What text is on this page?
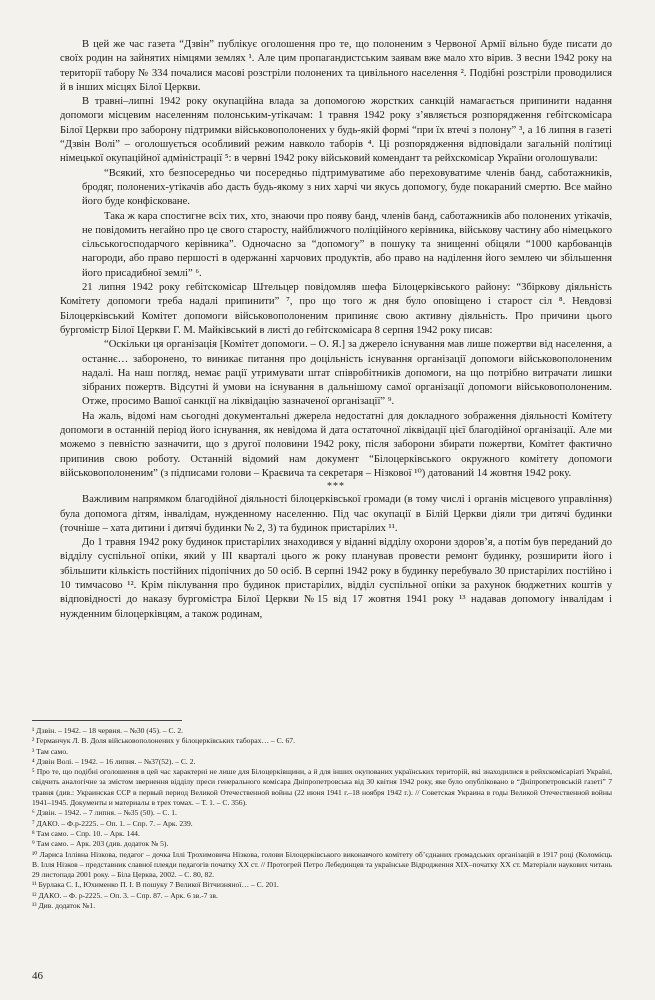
В цей же час газета “Дзвін” публікує оголошення про те, що полоненим з Червоної Армії вільно буде писати до своїх родин на зайнятих німцями землях ¹. Але цим пропагандистським заявам вже мало хто вірив. З весни 1942 року на території табору № 334 почалися масові розстріли полонених та цивільного населення ². Подібні розстріли проводилися й в інших місцях Білої Церкви.

В травні–липні 1942 року окупаційна влада за допомогою жорстких санкцій намагається припинити надання допомоги місцевим населенням полонським-утікачам: 1 травня 1942 року з’являється розпорядження гебітскомісара Білої Церкви про заборону підтримки військовополонених у будь-якій формі “при їх втечі з полону” ³, а 16 липня в газеті “Дзвін Волі” – оголошується особливий режим навколо таборів ⁴. Ці розпорядження відповідали загальній політиці німецької окупаційної адміністрації ⁵: в червні 1942 року військовий комендант та рейхскомісар України оголошували:

“Всякий, хто безпосередньо чи посередньо підтримуватиме або переховуватиме членів банд, саботажників, бродяг, полонених-утікачів або дасть будь-якому з них харчі чи якусь допомогу, буде покараний смертю. Все майно його буде конфісковане.

Така ж кара спостигне всіх тих, хто, знаючи про появу банд, членів банд, саботажників або полонених утікачів, не повідомить негайно про це свого старосту, найближчого поліційного керівника, військову частину або німецького сільськогосподарчого керівника”. Одночасно за “допомогу” в пошуку та знищенні обіцяли “1000 карбованців нагороди, або право першості в одержанні харчових продуктів, або право на наділення його землею чи збільшення його присадибної землі” ⁶.

21 липня 1942 року гебітскомісар Штельцер повідомляв шефа Білоцерківського району: “Збіркову діяльність Комітету допомоги треба надалі припинити” ⁷, про що того ж дня було оповіщено і старост сіл ⁸. Невдовзі Білоцерківський Комітет допомоги військовополоненим припиняє свою активну діяльність. Про причини цього бургомістр Білої Церкви Г. М. Майківський в листі до гебітскомісара 8 серпня 1942 року писав:

“Оскільки ця організація [Комітет допомоги. – О. Я.] за джерело існування мав лише пожертви від населення, а останнє… заборонено, то виникає питання про доцільність існування організації допомоги військовополоненим надалі. На наш погляд, немає рації утримувати штат співробітників допомоги, на що потрібно витрачати лишки зібраних пожертв. Відсутні й умови на існування в дальнішому самої організації допомоги військовополоненим. Отже, просимо Вашої санкції на ліквідацію зазначеної організації” ⁹.

На жаль, відомі нам сьогодні документальні джерела недостатні для докладного зображення діяльності Комітету допомоги в останній період його існування, як невідома й дата остаточної ліквідації цієї благодійної організації. Але ми можемо з певністю зазначити, що з другої половини 1942 року, після заборони збирати пожертви, Комітет фактично припинив свою роботу. Останній відомий нам документ “Білоцерківського окружного комітету допомоги військовополоненим” (з підписами голови – Краєвича та секретаря – Нізкової ¹⁰) датований 14 жовтня 1942 року.

***

Важливим напрямком благодійної діяльності білоцерківської громади (в тому числі і органів місцевого управління) була допомога дітям, інвалідам, нужденному населенню. Під час окупації в Білій Церкви діяли три дитячі будинки (точніше – хата дитини і дитячі будинки № 2, 3) та будинок пристарілих ¹¹.

До 1 травня 1942 року будинок пристарілих знаходився у віданні відділу охорони здоров’я, а потім був переданий до відділу суспільної опіки, який у III кварталі цього ж року планував провести ремонт будинку, розширити його і збільшити кількість постійних підопічних до 50 осіб. В серпні 1942 року в будинку перебувало 30 пристарілих постійно і 10 тимчасово ¹². Крім піклування про будинок пристарілих, відділ суспільної опіки за рахунок бюджетних коштів у відповідності до наказу бургомістра Білої Церкви №15 від 17 жовтня 1941 року ¹³ надавав допомогу інвалідам і нужденним білоцерківцям, а також родинам,

¹ Дзвін. – 1942. – 18 червня. – №30 (45). – С. 2.

² Германчук Л. В. Доля військовополонених у білоцерківських таборах… – С. 67.

³ Там само.

⁴ Дзвін Волі. – 1942. – 16 липня. – №37(52). – С. 2.

⁵ Про те, що подібні оголошення в цей час характерні не лише для Білоцерківщини, а й для інших окупованих українських територій, які знаходилися в рейхскомісаріаті Україні, свідчить аналогічне за змістом звернення відділу преси генерального комісара Дніпропетровська від 30 квітня 1942 року, яке було опубліковано в “Дніпропетровській газеті” 7 травня (див.: Украинская ССР в первый период Великой Отечественной войны (22 июня 1941 г.–18 ноября 1942 г.). // Советская Украина в годы Великой Отечественной войны 1941–1945. Документы и материалы в трех томах. – Т. 1. – С. 356).

⁶ Дзвін. – 1942. – 7 липня. – №35 (50). – С. 1.

⁷ ДАКО. – Ф.р-2225. – Оп. 1. – Спр. 7. – Арк. 239.

⁸ Там само. – Спр. 10. – Арк. 144.

⁹ Там само. – Арк. 203 (див. додаток № 5).

¹⁰ Лариса Іллівна Нізкова, педагог – дочка Іллі Трохимовича Нізкова, голови Білоцерківського виконавчого комітету об’єднаних громадських організацій в 1917 році (Коломієць В. Ілля Нізков – представник славної плеяди педагогів початку ХХ ст. // Протогрей Петро Лебединцев та українське Відродження ХІХ–початку ХХ ст. Матеріали наукових читань 29 листопада 2001 року. – Біла Церква, 2002. – С. 80, 82.

¹¹ Бурлака С. І., Юхименко П. І. В пошуку 7 Великої Вітчизняної… – С. 201.

¹² ДАКО. – Ф. р-2225. – Оп. 3. – Спр. 87. – Арк. 6 зв.-7 зв.

¹³ Див. додаток №1.

46
